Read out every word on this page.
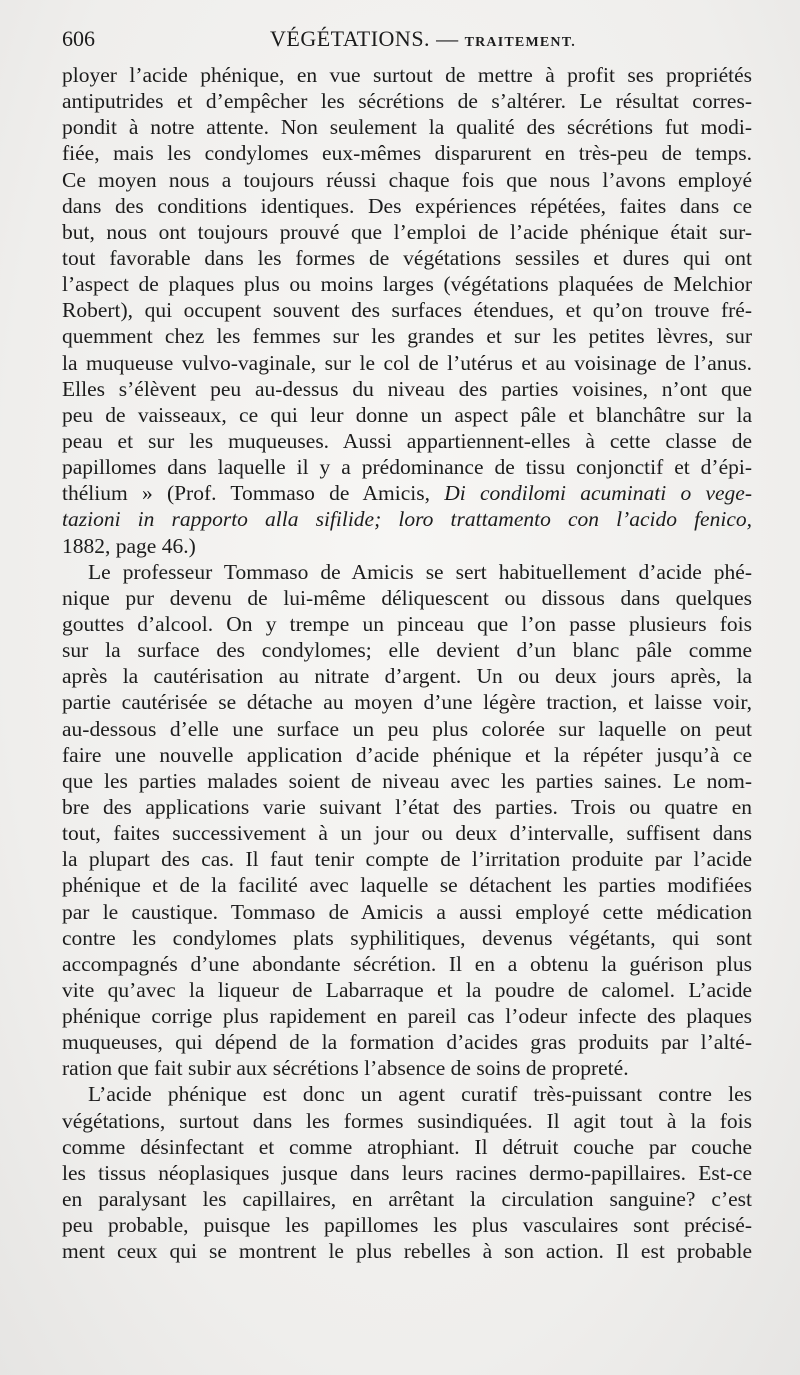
606	VÉGÉTATIONS. — TRAITEMENT.
ployer l’acide phénique, en vue surtout de mettre à profit ses propriétés
antiputrides et d’empêcher les sécrétions de s’altérer. Le résultat corres-
pondit à notre attente. Non seulement la qualité des sécrétions fut modi-
fiée, mais les condylomes eux-mêmes disparurent en très-peu de temps.
Ce moyen nous a toujours réussi chaque fois que nous l’avons employé
dans des conditions identiques. Des expériences répétées, faites dans ce
but, nous ont toujours prouvé que l’emploi de l’acide phénique était sur-
tout favorable dans les formes de végétations sessiles et dures qui ont
l’aspect de plaques plus ou moins larges (végétations plaquées de Melchior
Robert), qui occupent souvent des surfaces étendues, et qu’on trouve fré-
quemment chez les femmes sur les grandes et sur les petites lèvres, sur
la muqueuse vulvo-vaginale, sur le col de l’utérus et au voisinage de l’anus.
Elles s’élèvent peu au-dessus du niveau des parties voisines, n’ont que
peu de vaisseaux, ce qui leur donne un aspect pâle et blanchâtre sur la
peau et sur les muqueuses. Aussi appartiennent-elles à cette classe de
papillomes dans laquelle il y a prédominance de tissu conjonctif et d’épi-
thélium » (Prof. Tommaso de Amicis, Di condilomi acuminati o vege-
tazioni in rapporto alla sifilide; loro trattamento con l’acido fenico,
1882, page 46.)
Le professeur Tommaso de Amicis se sert habituellement d’acide phé-
nique pur devenu de lui-même déliquescent ou dissous dans quelques
gouttes d’alcool. On y trempe un pinceau que l’on passe plusieurs fois
sur la surface des condylomes; elle devient d’un blanc pâle comme
après la cautérisation au nitrate d’argent. Un ou deux jours après, la
partie cautérisée se détache au moyen d’une légère traction, et laisse voir,
au-dessous d’elle une surface un peu plus colorée sur laquelle on peut
faire une nouvelle application d’acide phénique et la répéter jusqu’à ce
que les parties malades soient de niveau avec les parties saines. Le nom-
bre des applications varie suivant l’état des parties. Trois ou quatre en
tout, faites successivement à un jour ou deux d’intervalle, suffisent dans
la plupart des cas. Il faut tenir compte de l’irritation produite par l’acide
phénique et de la facilité avec laquelle se détachent les parties modifiées
par le caustique. Tommaso de Amicis a aussi employé cette médication
contre les condylomes plats syphilitiques, devenus végétants, qui sont
accompagnés d’une abondante sécrétion. Il en a obtenu la guérison plus
vite qu’avec la liqueur de Labarraque et la poudre de calomel. L’acide
phénique corrige plus rapidement en pareil cas l’odeur infecte des plaques
muqueuses, qui dépend de la formation d’acides gras produits par l’alté-
ration que fait subir aux sécrétions l’absence de soins de propreté.
L’acide phénique est donc un agent curatif très-puissant contre les
végétations, surtout dans les formes susindiquées. Il agit tout à la fois
comme désinfectant et comme atrophiant. Il détruit couche par couche
les tissus néoplasiques jusque dans leurs racines dermo-papillaires. Est-ce
en paralysant les capillaires, en arrêtant la circulation sanguine? c’est
peu probable, puisque les papillomes les plus vasculaires sont précisé-
ment ceux qui se montrent le plus rebelles à son action. Il est probable
